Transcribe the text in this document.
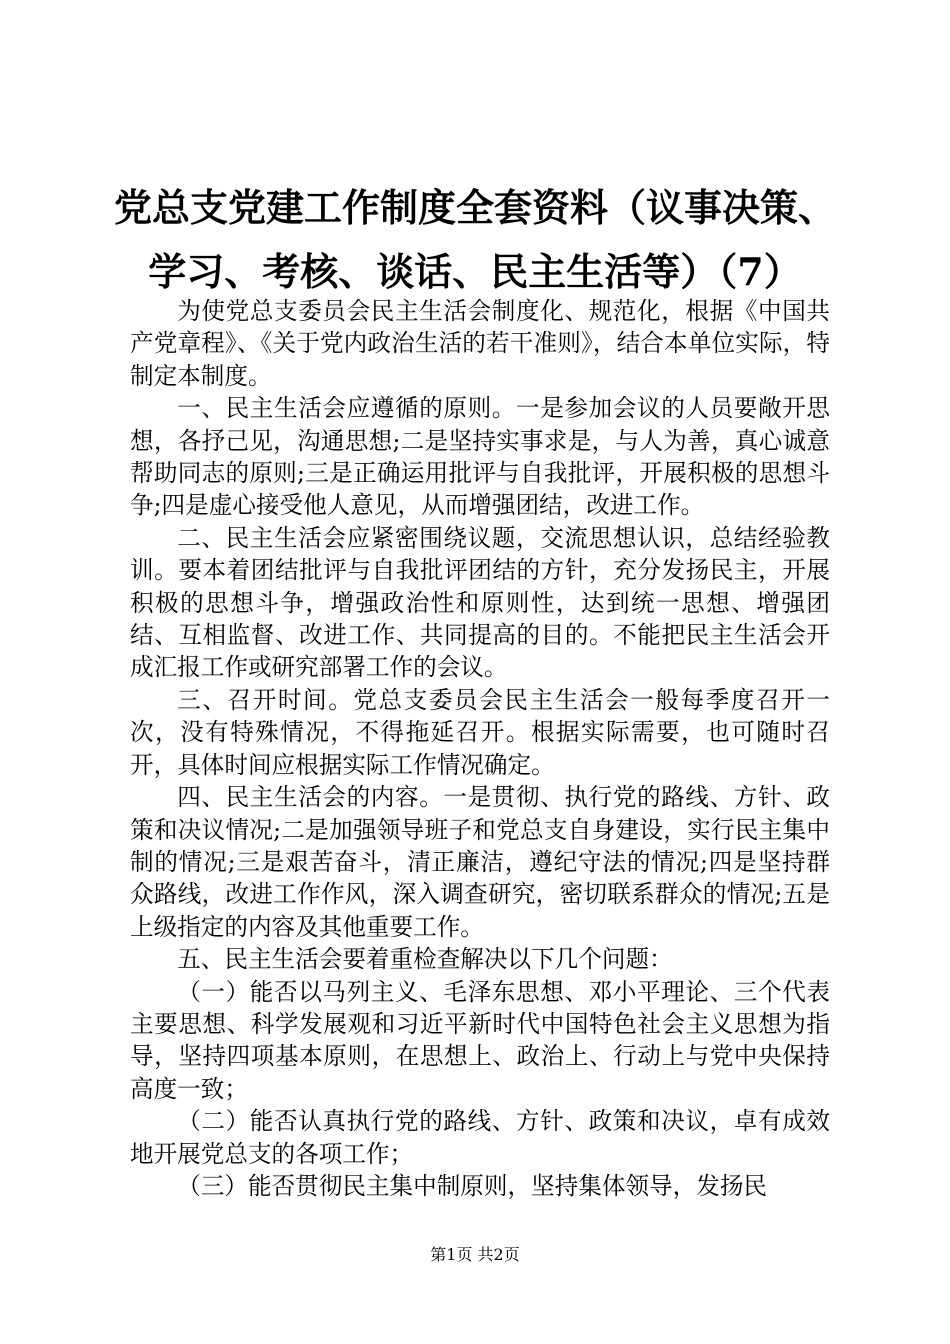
党总支党建工作制度全套资料（议事决策、学习、考核、谈话、民主生活等）（7）

为使党总支委员会民主生活会制度化、规范化，根据《中国共产党章程》、《关于党内政治生活的若干准则》，结合本单位实际，特制定本制度。

一、民主生活会应遵循的原则。一是参加会议的人员要敞开思想，各抒己见，沟通思想;二是坚持实事求是，与人为善，真心诚意帮助同志的原则;三是正确运用批评与自我批评，开展积极的思想斗争;四是虚心接受他人意见，从而增强团结，改进工作。

二、民主生活会应紧密围绕议题，交流思想认识，总结经验教训。要本着团结批评与自我批评团结的方针，充分发扬民主，开展积极的思想斗争，增强政治性和原则性，达到统一思想、增强团结、互相监督、改进工作、共同提高的目的。不能把民主生活会开成汇报工作或研究部署工作的会议。

三、召开时间。党总支委员会民主生活会一般每季度召开一次，没有特殊情况，不得拖延召开。根据实际需要，也可随时召开，具体时间应根据实际工作情况确定。

四、民主生活会的内容。一是贯彻、执行党的路线、方针、政策和决议情况;二是加强领导班子和党总支自身建设，实行民主集中制的情况;三是艰苦奋斗，清正廉洁，遵纪守法的情况;四是坚持群众路线，改进工作作风，深入调查研究，密切联系群众的情况;五是上级指定的内容及其他重要工作。

五、民主生活会要着重检查解决以下几个问题：

（一）能否以马列主义、毛泽东思想、邓小平理论、三个代表主要思想、科学发展观和习近平新时代中国特色社会主义思想为指导，坚持四项基本原则，在思想上、政治上、行动上与党中央保持高度一致；

（二）能否认真执行党的路线、方针、政策和决议，卓有成效地开展党总支的各项工作；

（三）能否贯彻民主集中制原则，坚持集体领导，发扬民

第1页 共2页
